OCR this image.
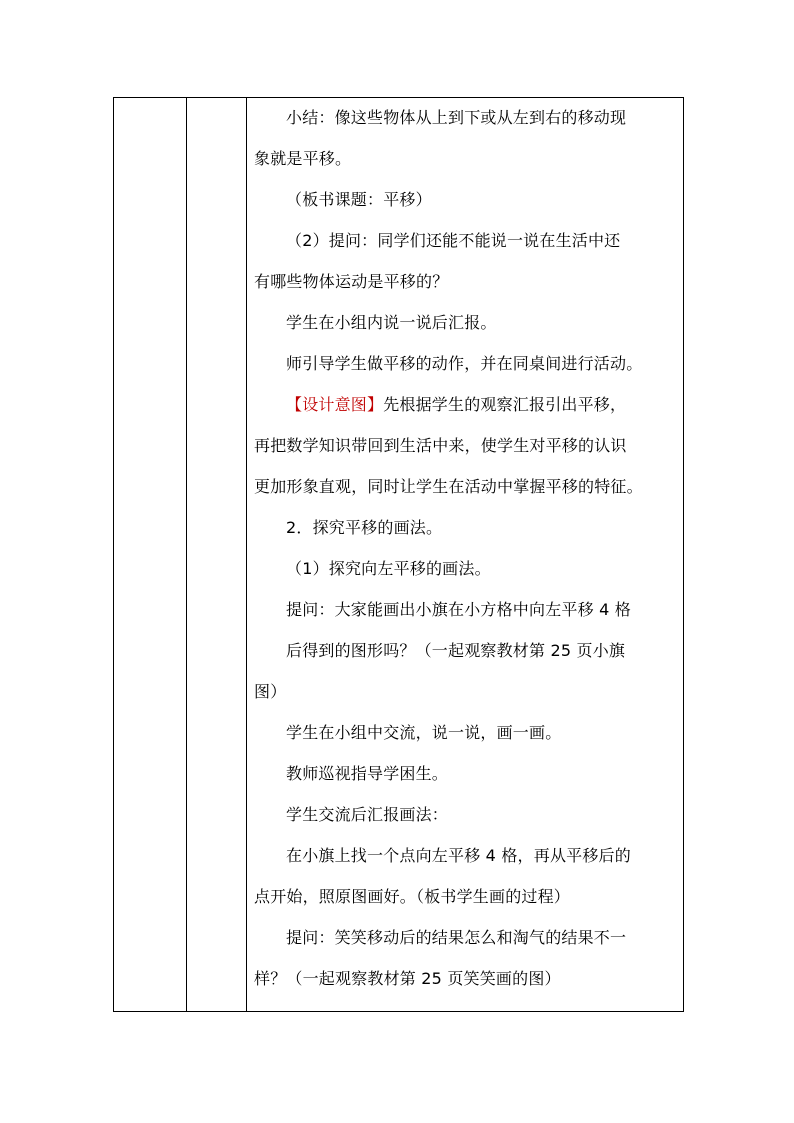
小结：像这些物体从上到下或从左到右的移动现
象就是平移。
（板书课题：平移）
（2）提问：同学们还能不能说一说在生活中还
有哪些物体运动是平移的？
学生在小组内说一说后汇报。
师引导学生做平移的动作，并在同桌间进行活动。
【设计意图】先根据学生的观察汇报引出平移，
再把数学知识带回到生活中来，使学生对平移的认识
更加形象直观，同时让学生在活动中掌握平移的特征。
2．探究平移的画法。
（1）探究向左平移的画法。
提问：大家能画出小旗在小方格中向左平移 4 格
后得到的图形吗？（一起观察教材第 25 页小旗
图）
学生在小组中交流，说一说，画一画。
教师巡视指导学困生。
学生交流后汇报画法：
在小旗上找一个点向左平移 4 格，再从平移后的
点开始，照原图画好。（板书学生画的过程）
提问：笑笑移动后的结果怎么和淘气的结果不一
样？（一起观察教材第 25 页笑笑画的图）
